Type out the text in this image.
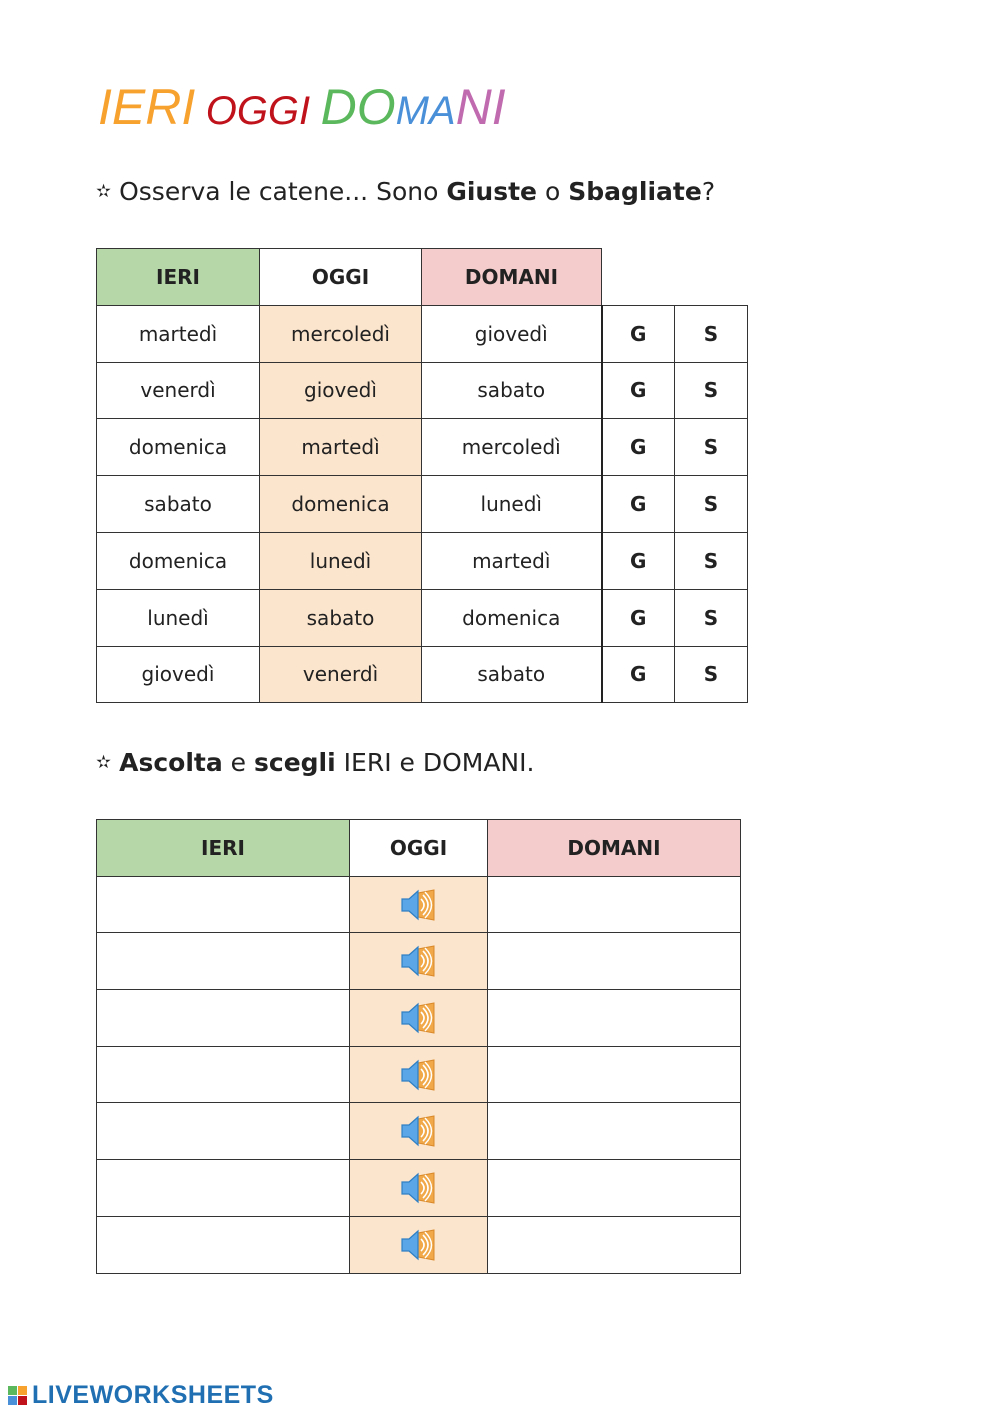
IERI OGGI DOMANI
✫ Osserva le catene... Sono Giuste o Sbagliate?
IERI	OGGI	DOMANI		
martedì	mercoledì	giovedì	G	S
venerdì	giovedì	sabato	G	S
domenica	martedì	mercoledì	G	S
sabato	domenica	lunedì	G	S
domenica	lunedì	martedì	G	S
lunedì	sabato	domenica	G	S
giovedì	venerdì	sabato	G	S
✫ Ascolta e scegli IERI e DOMANI.
IERI	OGGI	DOMANI

LIVEWORKSHEETS
